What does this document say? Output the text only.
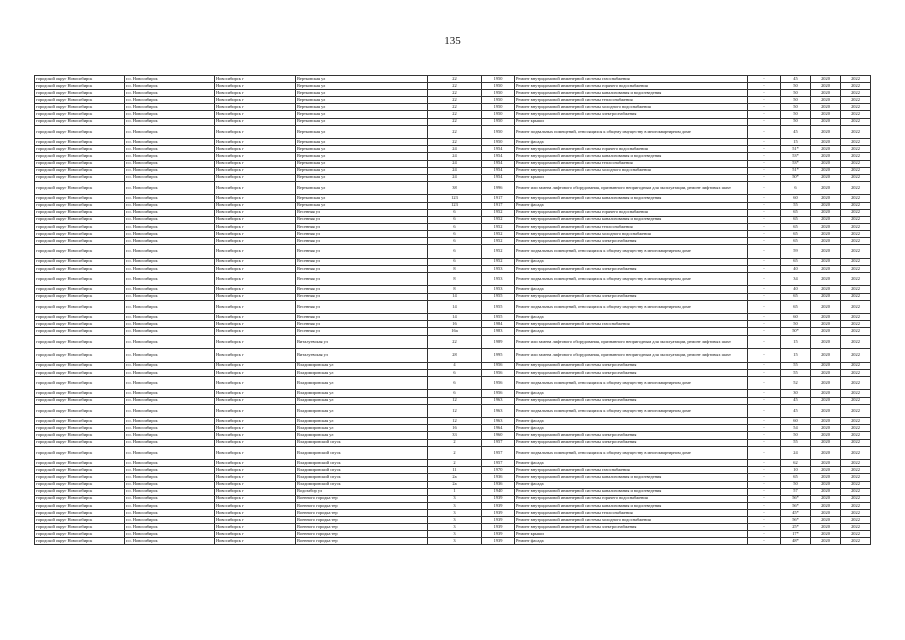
135
городской округ Новосибирск	г.о. Новосибирск	Новосибирск г	Вертковская ул	22	1950	Ремонт внутридомовой инженерной системы газоснабжения	-	45	2020	2022
городской округ Новосибирск	г.о. Новосибирск	Новосибирск г	Вертковская ул	22	1950	Ремонт внутридомовой инженерной системы горячего водоснабжения	-	50	2020	2022
городской округ Новосибирск	г.о. Новосибирск	Новосибирск г	Вертковская ул	22	1950	Ремонт внутридомовой инженерной системы канализования и водоотведения	-	50	2020	2022
городской округ Новосибирск	г.о. Новосибирск	Новосибирск г	Вертковская ул	22	1950	Ремонт внутридомовой инженерной системы теплоснабжения	-	50	2020	2022
городской округ Новосибирск	г.о. Новосибирск	Новосибирск г	Вертковская ул	22	1950	Ремонт внутридомовой инженерной системы холодного водоснабжения	-	50	2020	2022
городской округ Новосибирск	г.о. Новосибирск	Новосибирск г	Вертковская ул	22	1950	Ремонт внутридомовой инженерной системы электроснабжения	-	50	2020	2022
городской округ Новосибирск	г.о. Новосибирск	Новосибирск г	Вертковская ул	22	1950	Ремонт крыши	-	50	2020	2022
городской округ Новосибирск	г.о. Новосибирск	Новосибирск г	Вертковская ул	22	1950	Ремонт подвальных помещений, относящихся к общему имуществу в многоквартирном доме	-	45	2020	2022
городской округ Новосибирск	г.о. Новосибирск	Новосибирск г	Вертковская ул	22	1950	Ремонт фасада	-	15	2020	2022
городской округ Новосибирск	г.о. Новосибирск	Новосибирск г	Вертковская ул	24	1954	Ремонт внутридомовой инженерной системы горячего водоснабжения	-	51*	2020	2022
городской округ Новосибирск	г.о. Новосибирск	Новосибирск г	Вертковская ул	24	1954	Ремонт внутридомовой инженерной системы канализования и водоотведения	-	53*	2020	2022
городской округ Новосибирск	г.о. Новосибирск	Новосибирск г	Вертковская ул	24	1954	Ремонт внутридомовой инженерной системы теплоснабжения	-	53*	2020	2022
городской округ Новосибирск	г.о. Новосибирск	Новосибирск г	Вертковская ул	24	1954	Ремонт внутридомовой инженерной системы холодного водоснабжения	-	51*	2020	2022
городской округ Новосибирск	г.о. Новосибирск	Новосибирск г	Вертковская ул	24	1954	Ремонт крыши	-	50*	2020	2022
городской округ Новосибирск	г.о. Новосибирск	Новосибирск г	Вертковская ул	38	1996	Ремонт или замена лифтового оборудования, признанного непригодным для эксплуатации, ремонт лифтовых шахт	-	6	2020	2022
городской округ Новосибирск	г.о. Новосибирск	Новосибирск г	Вертковская ул	123	1917	Ремонт внутридомовой инженерной системы канализования и водоотведения	-	60	2020	2022
городской округ Новосибирск	г.о. Новосибирск	Новосибирск г	Вертковская ул	123	1917	Ремонт фасада	-	55	2020	2022
городской округ Новосибирск	г.о. Новосибирск	Новосибирск г	Весенняя ул	6	1952	Ремонт внутридомовой инженерной системы горячего водоснабжения	-	65	2020	2022
городской округ Новосибирск	г.о. Новосибирск	Новосибирск г	Весенняя ул	6	1952	Ремонт внутридомовой инженерной системы канализования и водоотведения	-	65	2020	2022
городской округ Новосибирск	г.о. Новосибирск	Новосибирск г	Весенняя ул	6	1952	Ремонт внутридомовой инженерной системы теплоснабжения	-	65	2020	2022
городской округ Новосибирск	г.о. Новосибирск	Новосибирск г	Весенняя ул	6	1952	Ремонт внутридомовой инженерной системы холодного водоснабжения	-	65	2020	2022
городской округ Новосибирск	г.о. Новосибирск	Новосибирск г	Весенняя ул	6	1952	Ремонт внутридомовой инженерной системы электроснабжения	-	65	2020	2022
городской округ Новосибирск	г.о. Новосибирск	Новосибирск г	Весенняя ул	6	1952	Ремонт подвальных помещений, относящихся к общему имуществу в многоквартирном доме	-	59	2020	2022
городской округ Новосибирск	г.о. Новосибирск	Новосибирск г	Весенняя ул	6	1952	Ремонт фасада	-	65	2020	2022
городской округ Новосибирск	г.о. Новосибирск	Новосибирск г	Весенняя ул	8	1953	Ремонт внутридомовой инженерной системы электроснабжения	-	40	2020	2022
городской округ Новосибирск	г.о. Новосибирск	Новосибирск г	Весенняя ул	8	1953	Ремонт подвальных помещений, относящихся к общему имуществу в многоквартирном доме	-	34	2020	2022
городской округ Новосибирск	г.о. Новосибирск	Новосибирск г	Весенняя ул	8	1953	Ремонт фасада	-	40	2020	2022
городской округ Новосибирск	г.о. Новосибирск	Новосибирск г	Весенняя ул	14	1955	Ремонт внутридомовой инженерной системы электроснабжения	-	65	2020	2022
городской округ Новосибирск	г.о. Новосибирск	Новосибирск г	Весенняя ул	14	1955	Ремонт подвальных помещений, относящихся к общему имуществу в многоквартирном доме	-	65	2020	2022
городской округ Новосибирск	г.о. Новосибирск	Новосибирск г	Весенняя ул	14	1955	Ремонт фасада	-	60	2020	2022
городской округ Новосибирск	г.о. Новосибирск	Новосибирск г	Весенняя ул	16	1984	Ремонт внутридомовой инженерной системы газоснабжения	-	50	2020	2022
городской округ Новосибирск	г.о. Новосибирск	Новосибирск г	Весенняя ул	16а	1983	Ремонт фасада	-	50*	2020	2022
городской округ Новосибирск	г.о. Новосибирск	Новосибирск г	Виталуевская ул	22	1989	Ремонт или замена лифтового оборудования, признанного непригодным для эксплуатации, ремонт лифтовых шахт	-	15	2020	2022
городской округ Новосибирск	г.о. Новосибирск	Новосибирск г	Виталуевская ул	28	1995	Ремонт или замена лифтового оборудования, признанного непригодным для эксплуатации, ремонт лифтовых шахт	-	15	2020	2022
городской округ Новосибирск	г.о. Новосибирск	Новосибирск г	Владимировская ул	4	1956	Ремонт внутридомовой инженерной системы электроснабжения	-	55	2020	2022
городской округ Новосибирск	г.о. Новосибирск	Новосибирск г	Владимировская ул	6	1956	Ремонт внутридомовой инженерной системы электроснабжения	-	55	2020	2022
городской округ Новосибирск	г.о. Новосибирск	Новосибирск г	Владимировская ул	6	1956	Ремонт подвальных помещений, относящихся к общему имуществу в многоквартирном доме	-	52	2020	2022
городской округ Новосибирск	г.о. Новосибирск	Новосибирск г	Владимировская ул	6	1956	Ремонт фасада	-	30	2020	2022
городской округ Новосибирск	г.о. Новосибирск	Новосибирск г	Владимировская ул	12	1963	Ремонт внутридомовой инженерной системы электроснабжения	-	45	2020	2022
городской округ Новосибирск	г.о. Новосибирск	Новосибирск г	Владимировская ул	12	1963	Ремонт подвальных помещений, относящихся к общему имуществу в многоквартирном доме	-	45	2020	2022
городской округ Новосибирск	г.о. Новосибирск	Новосибирск г	Владимировская ул	12	1963	Ремонт фасада	-	60	2020	2022
городской округ Новосибирск	г.о. Новосибирск	Новосибирск г	Владимировская ул	16	1964	Ремонт фасада	-	54	2020	2022
городской округ Новосибирск	г.о. Новосибирск	Новосибирск г	Владимировская ул	33	1960	Ремонт внутридомовой инженерной системы электроснабжения	-	50	2020	2022
городской округ Новосибирск	г.о. Новосибирск	Новосибирск г	Владимировский спуск	2	1957	Ремонт внутридомовой инженерной системы электроснабжения	-	55	2020	2022
городской округ Новосибирск	г.о. Новосибирск	Новосибирск г	Владимировский спуск	2	1957	Ремонт подвальных помещений, относящихся к общему имуществу в многоквартирном доме	-	24	2020	2022
городской округ Новосибирск	г.о. Новосибирск	Новосибирск г	Владимировский спуск	2	1957	Ремонт фасада	-	62	2020	2022
городской округ Новосибирск	г.о. Новосибирск	Новосибирск г	Владимировский спуск	11	1970	Ремонт внутридомовой инженерной системы газоснабжения	-	10	2020	2022
городской округ Новосибирск	г.о. Новосибирск	Новосибирск г	Владимировский спуск	2а	1936	Ремонт внутридомовой инженерной системы канализования и водоотведения	-	65	2020	2022
городской округ Новосибирск	г.о. Новосибирск	Новосибирск г	Владимировский спуск	2а	1936	Ремонт фасада	-	50	2020	2022
городской округ Новосибирск	г.о. Новосибирск	Новосибирск г	Водозабор ул	1	1940	Ремонт внутридомовой инженерной системы канализования и водоотведения	-	57	2020	2022
городской округ Новосибирск	г.о. Новосибирск	Новосибирск г	Военного городка тер	3	1939	Ремонт внутридомовой инженерной системы горячего водоснабжения	-	56*	2020	2022
городской округ Новосибирск	г.о. Новосибирск	Новосибирск г	Военного городка тер	3	1939	Ремонт внутридомовой инженерной системы канализования и водоотведения	-	56*	2020	2022
городской округ Новосибирск	г.о. Новосибирск	Новосибирск г	Военного городка тер	3	1939	Ремонт внутридомовой инженерной системы теплоснабжения	-	45*	2020	2022
городской округ Новосибирск	г.о. Новосибирск	Новосибирск г	Военного городка тер	3	1939	Ремонт внутридомовой инженерной системы холодного водоснабжения	-	56*	2020	2022
городской округ Новосибирск	г.о. Новосибирск	Новосибирск г	Военного городка тер	3	1939	Ремонт внутридомовой инженерной системы электроснабжения	-	25*	2020	2022
городской округ Новосибирск	г.о. Новосибирск	Новосибирск г	Военного городка тер	3	1939	Ремонт крыши	-	17*	2020	2022
городской округ Новосибирск	г.о. Новосибирск	Новосибирск г	Военного городка тер	3	1939	Ремонт фасада	-	48*	2020	2022
